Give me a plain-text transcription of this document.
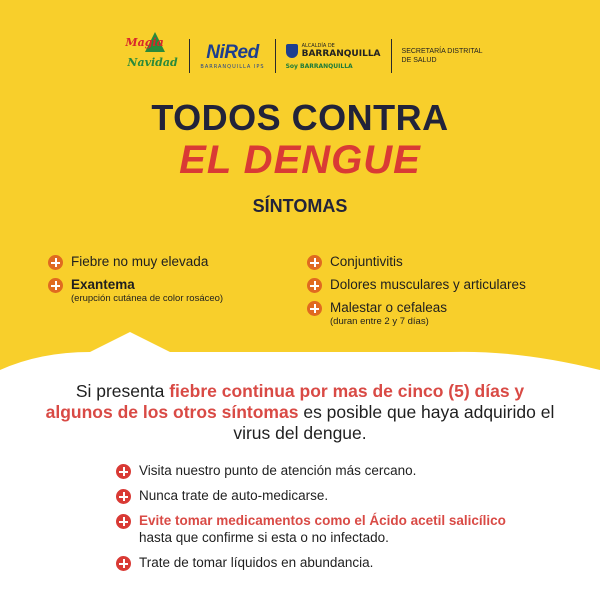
Magia
Navidad NiRed
BARRANQUILLA IPS
ALCALDÍA DE
BARRANQUILLA
Soy BARRANQUILLA
SECRETARÍA DISTRITAL
DE SALUD
TODOS CONTRA
EL DENGUE
SÍNTOMAS
Fiebre no muy elevada
Exantema
(erupción cutánea de color rosáceo)
Conjuntivitis
Dolores musculares y articulares
Malestar o cefaleas
(duran entre 2 y 7 días)
Si presenta fiebre continua por mas de cinco (5) días y algunos de los otros síntomas es posible que haya adquirido el virus del dengue.
Visita nuestro punto de atención más cercano.
Nunca trate de auto-medicarse.
Evite tomar medicamentos como el Ácido acetil salicílico hasta que confirme si esta o no infectado.
Trate de tomar líquidos en abundancia.
